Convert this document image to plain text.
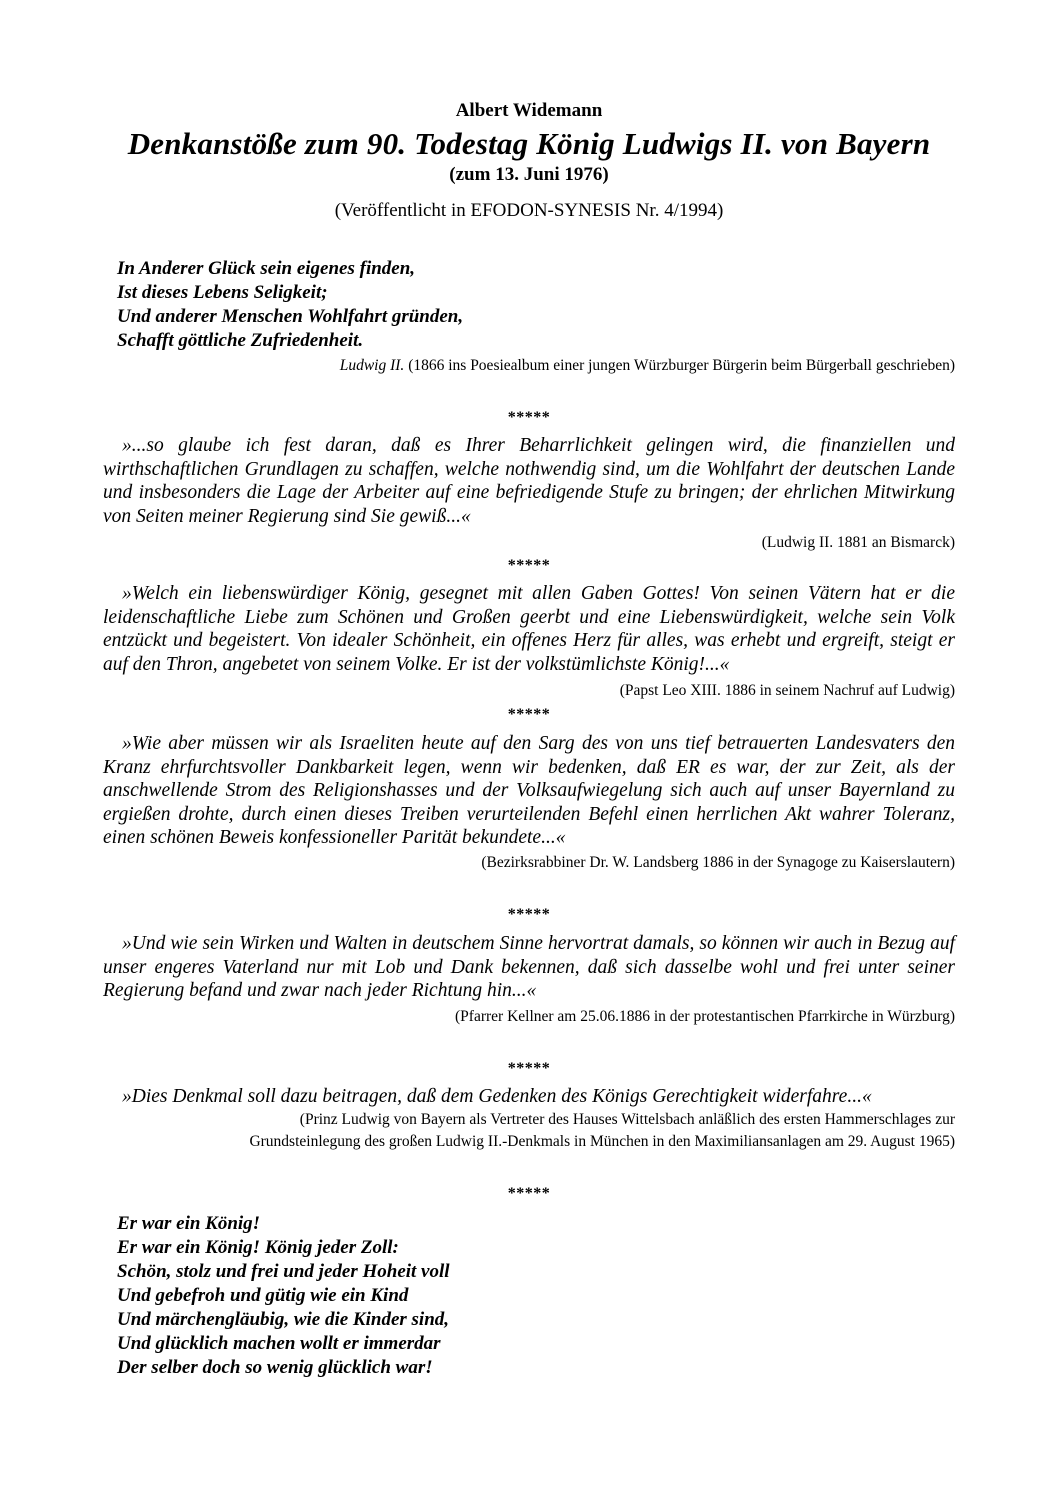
Albert Widemann
Denkanstöße zum 90. Todestag König Ludwigs II. von Bayern
(zum 13. Juni 1976)
(Veröffentlicht in EFODON-SYNESIS Nr. 4/1994)
In Anderer Glück sein eigenes finden,
Ist dieses Lebens Seligkeit;
Und anderer Menschen Wohlfahrt gründen,
Schafft göttliche Zufriedenheit.
Ludwig II. (1866 ins Poesiealbum einer jungen Würzburger Bürgerin beim Bürgerball geschrieben)
*****
»...so glaube ich fest daran, daß es Ihrer Beharrlichkeit gelingen wird, die finanziellen und wirthschaftlichen Grundlagen zu schaffen, welche nothwendig sind, um die Wohlfahrt der deutschen Lande und insbesonders die Lage der Arbeiter auf eine befriedigende Stufe zu bringen; der ehrlichen Mitwirkung von Seiten meiner Regierung sind Sie gewiß...«
(Ludwig II. 1881 an Bismarck)
*****
»Welch ein liebenswürdiger König, gesegnet mit allen Gaben Gottes! Von seinen Vätern hat er die leidenschaftliche Liebe zum Schönen und Großen geerbt und eine Liebenswürdigkeit, welche sein Volk entzückt und begeistert. Von idealer Schönheit, ein offenes Herz für alles, was erhebt und ergreift, steigt er auf den Thron, angebetet von seinem Volke. Er ist der volkstümlichste König!...«
(Papst Leo XIII. 1886 in seinem Nachruf auf Ludwig)
*****
»Wie aber müssen wir als Israeliten heute auf den Sarg des von uns tief betrauerten Landesvaters den Kranz ehrfurchtsvoller Dankbarkeit legen, wenn wir bedenken, daß ER es war, der zur Zeit, als der anschwellende Strom des Religionshasses und der Volksaufwiegelung sich auch auf unser Bayernland zu ergießen drohte, durch einen dieses Treiben verurteilenden Befehl einen herrlichen Akt wahrer Toleranz, einen schönen Beweis konfessioneller Parität bekundete...«
(Bezirksrabbiner Dr. W. Landsberg 1886 in der Synagoge zu Kaiserslautern)
*****
»Und wie sein Wirken und Walten in deutschem Sinne hervortrat damals, so können wir auch in Bezug auf unser engeres Vaterland nur mit Lob und Dank bekennen, daß sich dasselbe wohl und frei unter seiner Regierung befand und zwar nach jeder Richtung hin...«
(Pfarrer Kellner am 25.06.1886 in der protestantischen Pfarrkirche in Würzburg)
*****
»Dies Denkmal soll dazu beitragen, daß dem Gedenken des Königs Gerechtigkeit widerfahre...«
(Prinz Ludwig von Bayern als Vertreter des Hauses Wittelsbach anläßlich des ersten Hammerschlages zur
Grundsteinlegung des großen Ludwig II.-Denkmals in München in den Maximiliansanlagen am 29. August 1965)
*****
Er war ein König!
Er war ein König! König jeder Zoll:
Schön, stolz und frei und jeder Hoheit voll
Und gebefroh und gütig wie ein Kind
Und märchengläubig, wie die Kinder sind,
Und glücklich machen wollt er immerdar
Der selber doch so wenig glücklich war!
